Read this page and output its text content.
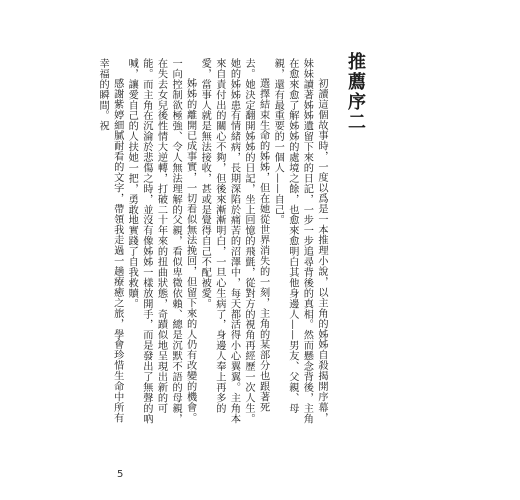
推薦序二

初讀這個故事時，一度以爲是一本推理小說，以主角的姊姊自殺揭開序幕，妹妹讀著姊姊遺留下來的日記，一步一步追尋背後的真相。然而懸念背後，主角在愈來愈了解姊姊的處境之餘，也愈來愈明白其他身邊人——男友、父親、母親，還有最重要的一個人——自己。

選擇結束生命的姊姊，但在她從世界消失的一刻，主角的某部分也跟著死去。她決定翻開姊姊的日記，坐上回憶的飛氈，從對方的視角再經歷一次人生。她的姊姊患有情緒病，長期深陷於痛苦的沼澤中，每天都活得小心翼翼。主角本來自責付出的關心不夠，但後來漸漸明白，一旦心生病了，身邊人奉上再多的愛，當事人就是無法接收，甚或是覺得自己不配被愛。

姊姊的離開已成事實，一切看似無法挽回，但留下來的人仍有改變的機會。一向控制欲極強、令人無法理解的父親，看似卑微依賴、總是沉默不語的母親，在失去女兒後性情大逆轉，打破二十年來的扭曲狀態，奇蹟似地呈現出新的可能。而主角在沉淪於悲傷之時，並沒有像姊姊一樣放開手，而是發出了無聲的吶喊，讓愛自己的人扶她一把，勇敢地實踐了自我救贖。

感謝紫婷細膩耐看的文字，帶領我走過一趟療癒之旅，學會珍惜生命中所有幸福的瞬間。祝

5
